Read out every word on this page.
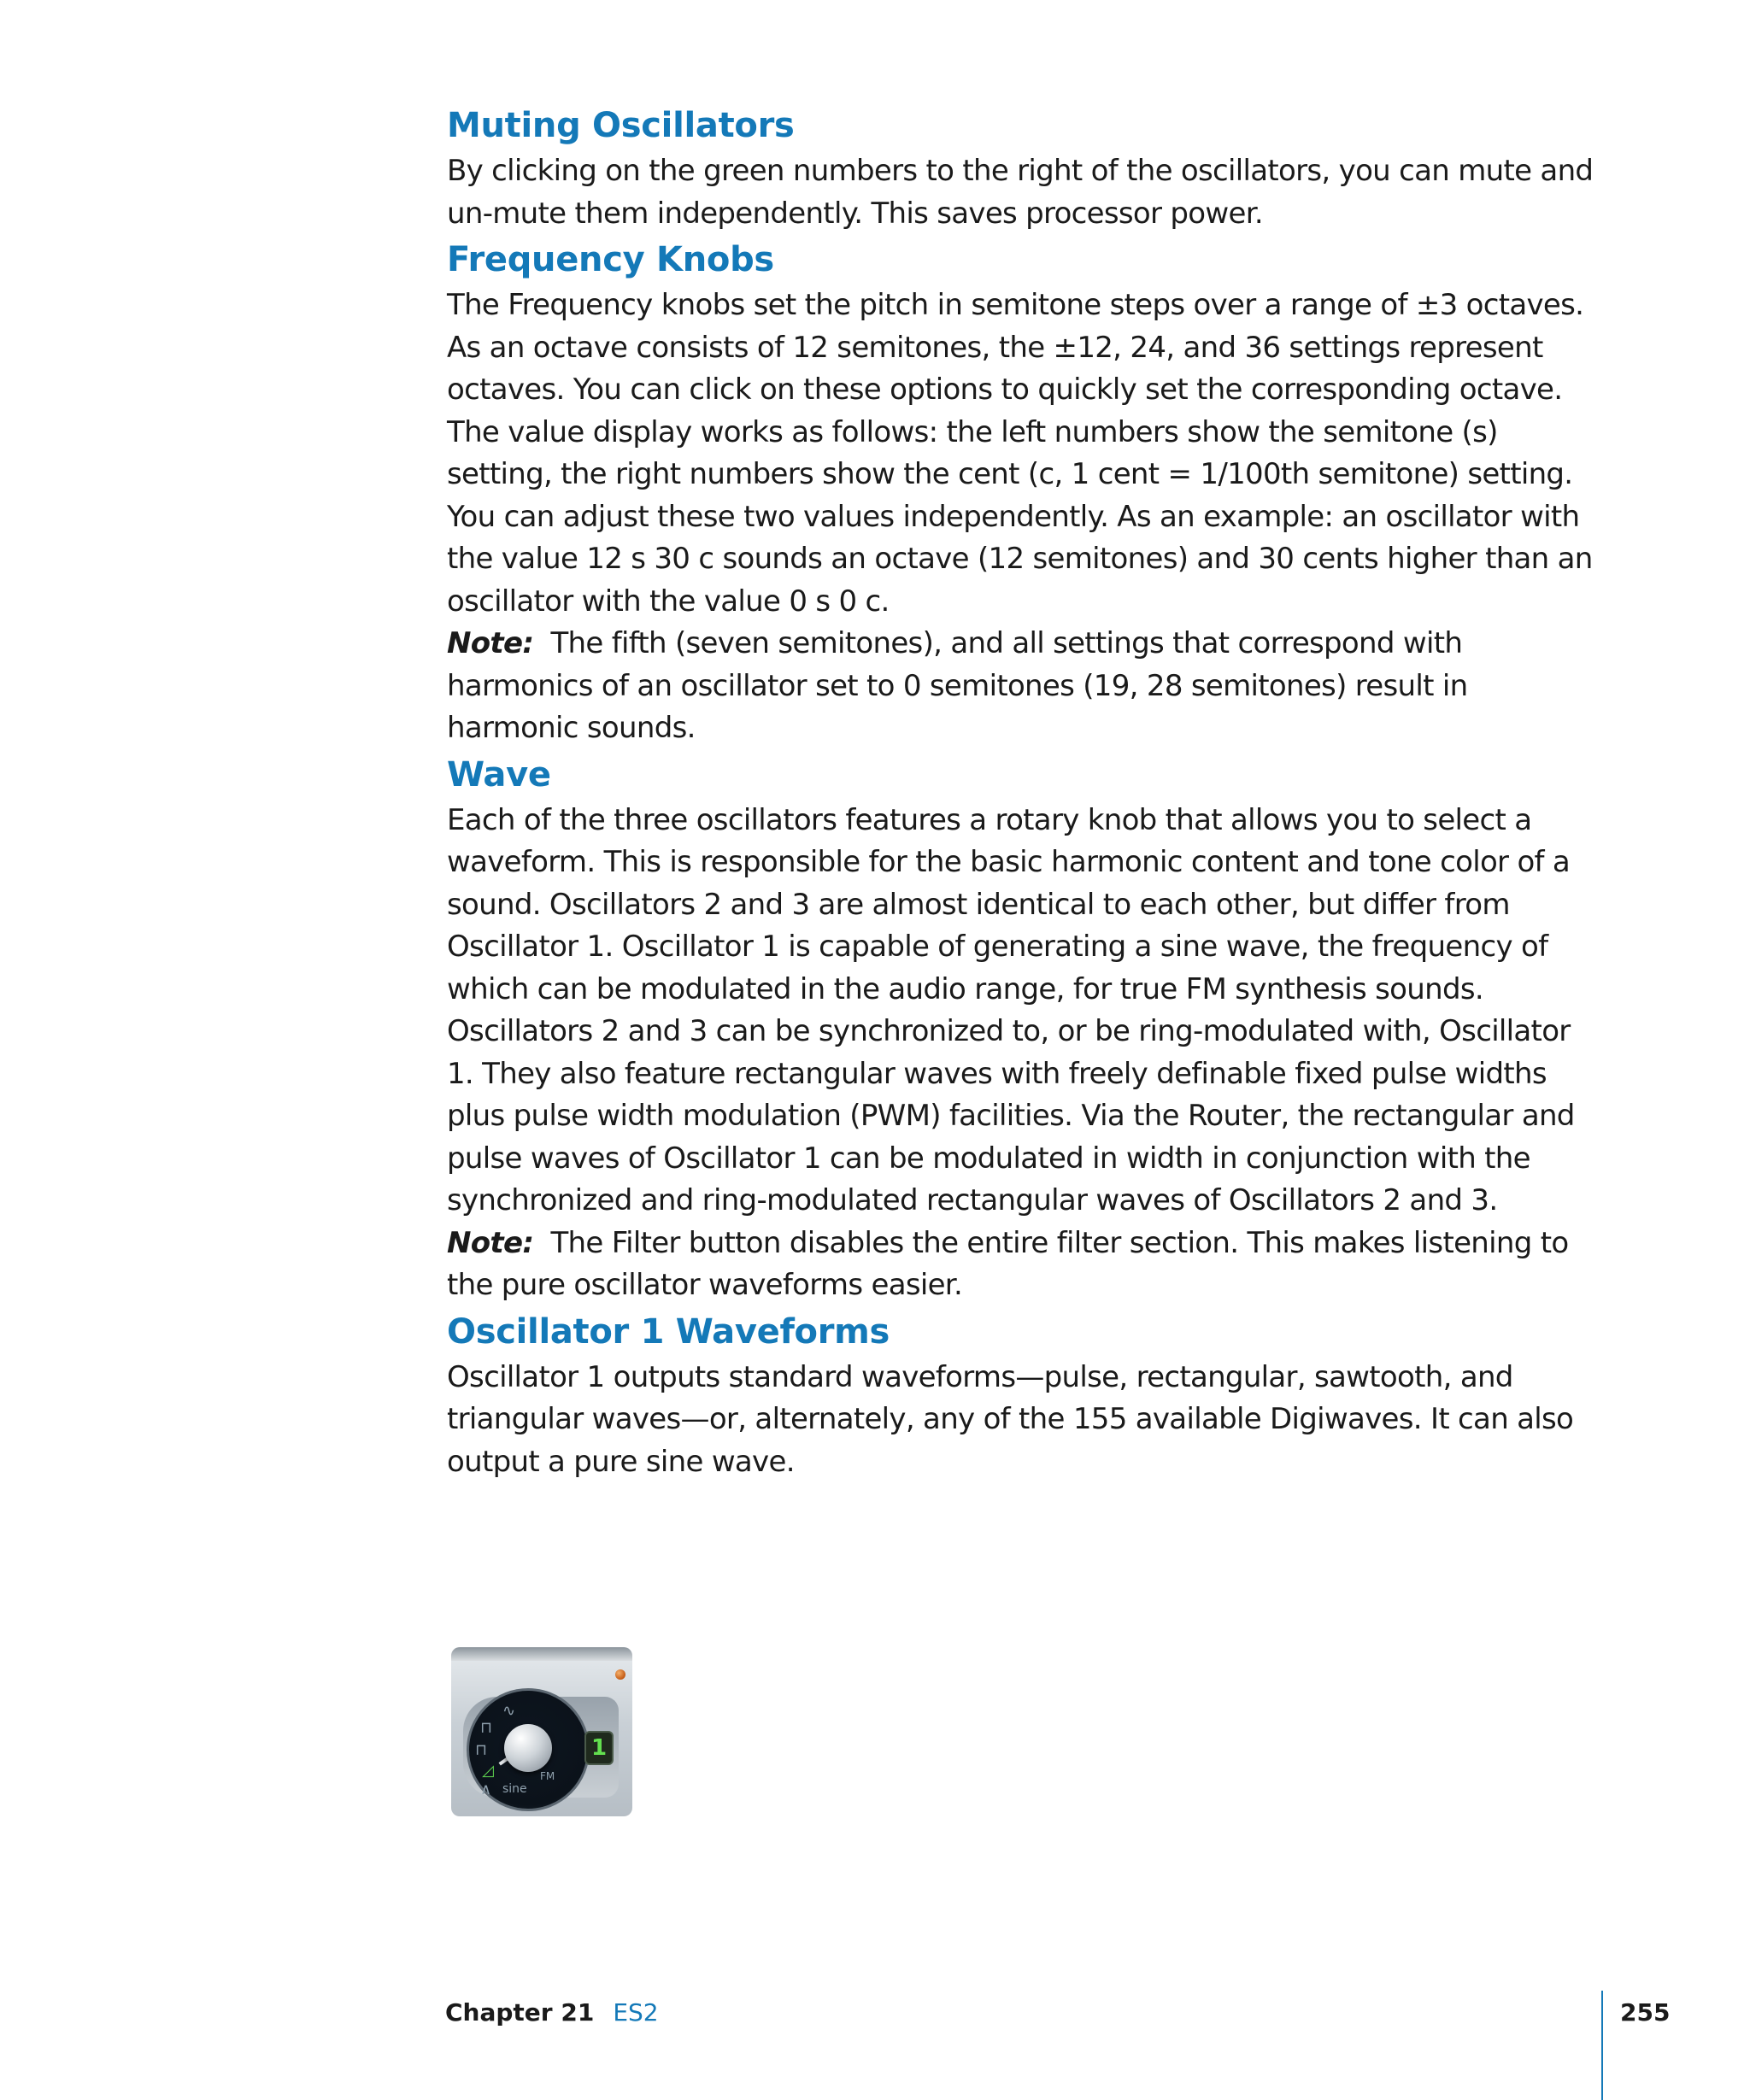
Muting Oscillators

By clicking on the green numbers to the right of the oscillators, you can mute and un-mute them independently. This saves processor power.

Frequency Knobs

The Frequency knobs set the pitch in semitone steps over a range of ±3 octaves. As an octave consists of 12 semitones, the ±12, 24, and 36 settings represent octaves. You can click on these options to quickly set the corresponding octave.

The value display works as follows: the left numbers show the semitone (s) setting, the right numbers show the cent (c, 1 cent = 1/100th semitone) setting. You can adjust these two values independently. As an example: an oscillator with the value 12 s 30 c sounds an octave (12 semitones) and 30 cents higher than an oscillator with the value 0 s 0 c.

Note: The fifth (seven semitones), and all settings that correspond with harmonics of an oscillator set to 0 semitones (19, 28 semitones) result in harmonic sounds.

Wave

Each of the three oscillators features a rotary knob that allows you to select a waveform. This is responsible for the basic harmonic content and tone color of a sound. Oscillators 2 and 3 are almost identical to each other, but differ from Oscillator 1. Oscillator 1 is capable of generating a sine wave, the frequency of which can be modulated in the audio range, for true FM synthesis sounds. Oscillators 2 and 3 can be synchronized to, or be ring-modulated with, Oscillator 1. They also feature rectangular waves with freely definable fixed pulse widths plus pulse width modulation (PWM) facilities. Via the Router, the rectangular and pulse waves of Oscillator 1 can be modulated in width in conjunction with the synchronized and ring-modulated rectangular waves of Oscillators 2 and 3.

Note: The Filter button disables the entire filter section. This makes listening to the pure oscillator waveforms easier.

Oscillator 1 Waveforms

Oscillator 1 outputs standard waveforms—pulse, rectangular, sawtooth, and triangular waves—or, alternately, any of the 155 available Digiwaves. It can also output a pure sine wave.

∿
⊓
⊓
◿
∧
FM
sine
1
Chapter 21 ES2	255
